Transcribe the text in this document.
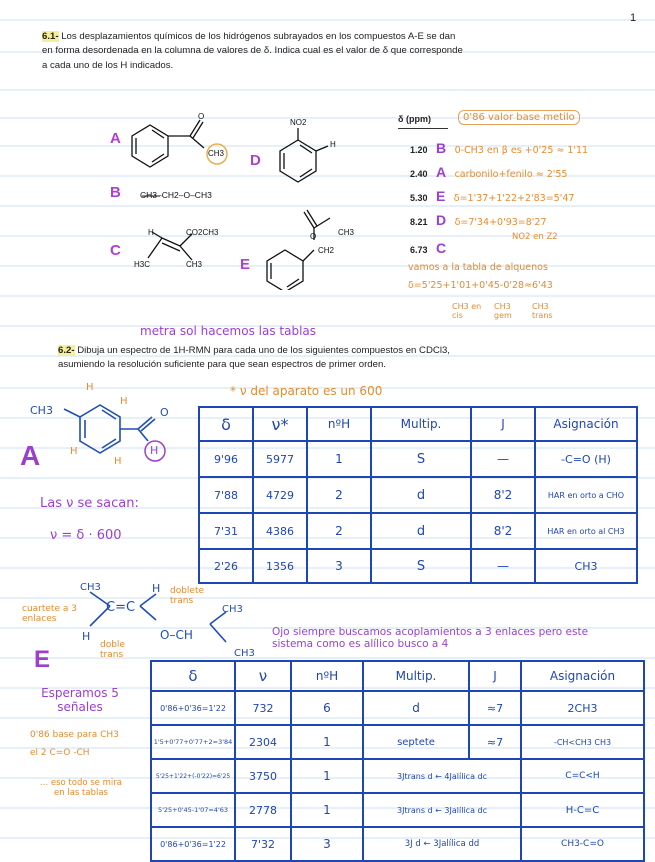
1
6.1- Los desplazamientos químicos de los hidrógenos subrayados en los compuestos A-E se dan
en forma desordenada en la columna de valores de δ. Indica cual es el valor de δ que corresponde
a cada uno de los H indicados.
A
CH3
O
D
NO2
H
B CH3–CH2–O–CH3
C
H	CO2CH3
H3C	CH3	E
O	CH3
CH2
δ (ppm)	0'86 valor base metilo
1.20 B 0-CH3 en β es +0'25 ≈ 1'11
2.40 A carbonilo+fenilo ≈ 2'55
5.30 E δ=1'37+1'22+2'83=5'47
8.21 D δ=7'34+0'93=8'27
NO2 en Z2
6.73 C
vamos a la tabla de alquenos
δ=5'25+1'01+0'45-0'28≈6'43
CH3 en cis
CH3 gem
CH3 trans
metra sol hacemos las tablas
6.2- Dibuja un espectro de 1H-RMN para cada uno de los siguientes compuestos en CDCl3,
asumiendo la resolución suficiente para que sean espectros de primer orden.
* ν del aparato es un 600
A
CH3
H
H
H
H
O
H
Las ν se sacan:
ν = δ · 600
δ	ν*	nºH	Multip.	J	Asignación
9'96	5977	1	S	—	-C=O (H)
7'88	4729	2	d	8'2	HAR en orto a CHO
7'31	4386	2	d	8'2	HAR en orto al CH3
2'26	1356	3	S	—	CH3
CH3
C=C
H
H	O–CH
CH3
CH3
doblete trans
cuartete a 3 enlaces
doble trans
E
Ojo siempre buscamos acoplamientos a 3 enlaces pero este sistema como es alílico busco a 4
Esperamos 5 señales
0'86 base para CH3
el 2 C=O -CH
... eso todo se mira en las tablas
δ	ν	nºH	Multip.	J	Asignación
0'86+0'36=1'22	732	6	d	≈7	2CH3
1'5+0'77+0'77+2=3'84	2304	1	septete	≈7	-CH<CH3 CH3
5'25+1'22+(-0'22)=6'25	3750	1	3Jtrans d ← 4Jalílica dc		C=C<H
5'25+0'45-1'07=4'63	2778	1	3Jtrans d ← 3Jalílica dc		H-C=C
0'86+0'36=1'22	7'32	3	3J d ← 3Jalílica dd		CH3-C=O
